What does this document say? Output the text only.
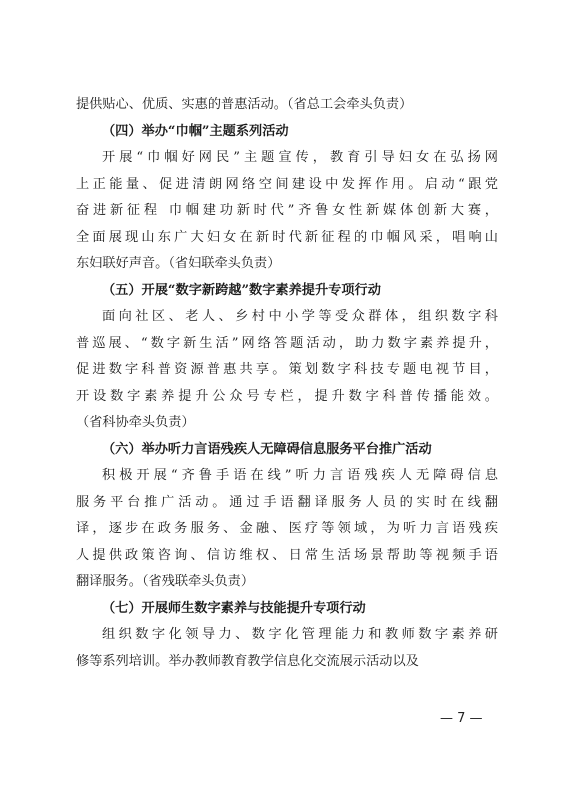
提供贴心、优质、实惠的普惠活动。（省总工会牵头负责）
（四）举办“巾帼”主题系列活动
开展“巾帼好网民”主题宣传，教育引导妇女在弘扬网
上正能量、促进清朗网络空间建设中发挥作用。启动“跟党
奋进新征程 巾帼建功新时代”齐鲁女性新媒体创新大赛，
全面展现山东广大妇女在新时代新征程的巾帼风采，唱响山
东妇联好声音。（省妇联牵头负责）
（五）开展“数字新跨越”数字素养提升专项行动
面向社区、老人、乡村中小学等受众群体，组织数字科
普巡展、“数字新生活”网络答题活动，助力数字素养提升，
促进数字科普资源普惠共享。策划数字科技专题电视节目，
开设数字素养提升公众号专栏，提升数字科普传播能效。
（省科协牵头负责）
（六）举办听力言语残疾人无障碍信息服务平台推广活动
积极开展“齐鲁手语在线”听力言语残疾人无障碍信息
服务平台推广活动。通过手语翻译服务人员的实时在线翻
译，逐步在政务服务、金融、医疗等领域，为听力言语残疾
人提供政策咨询、信访维权、日常生活场景帮助等视频手语
翻译服务。（省残联牵头负责）
（七）开展师生数字素养与技能提升专项行动
组织数字化领导力、数字化管理能力和教师数字素养研
修等系列培训。举办教师教育教学信息化交流展示活动以及
— 7 —
